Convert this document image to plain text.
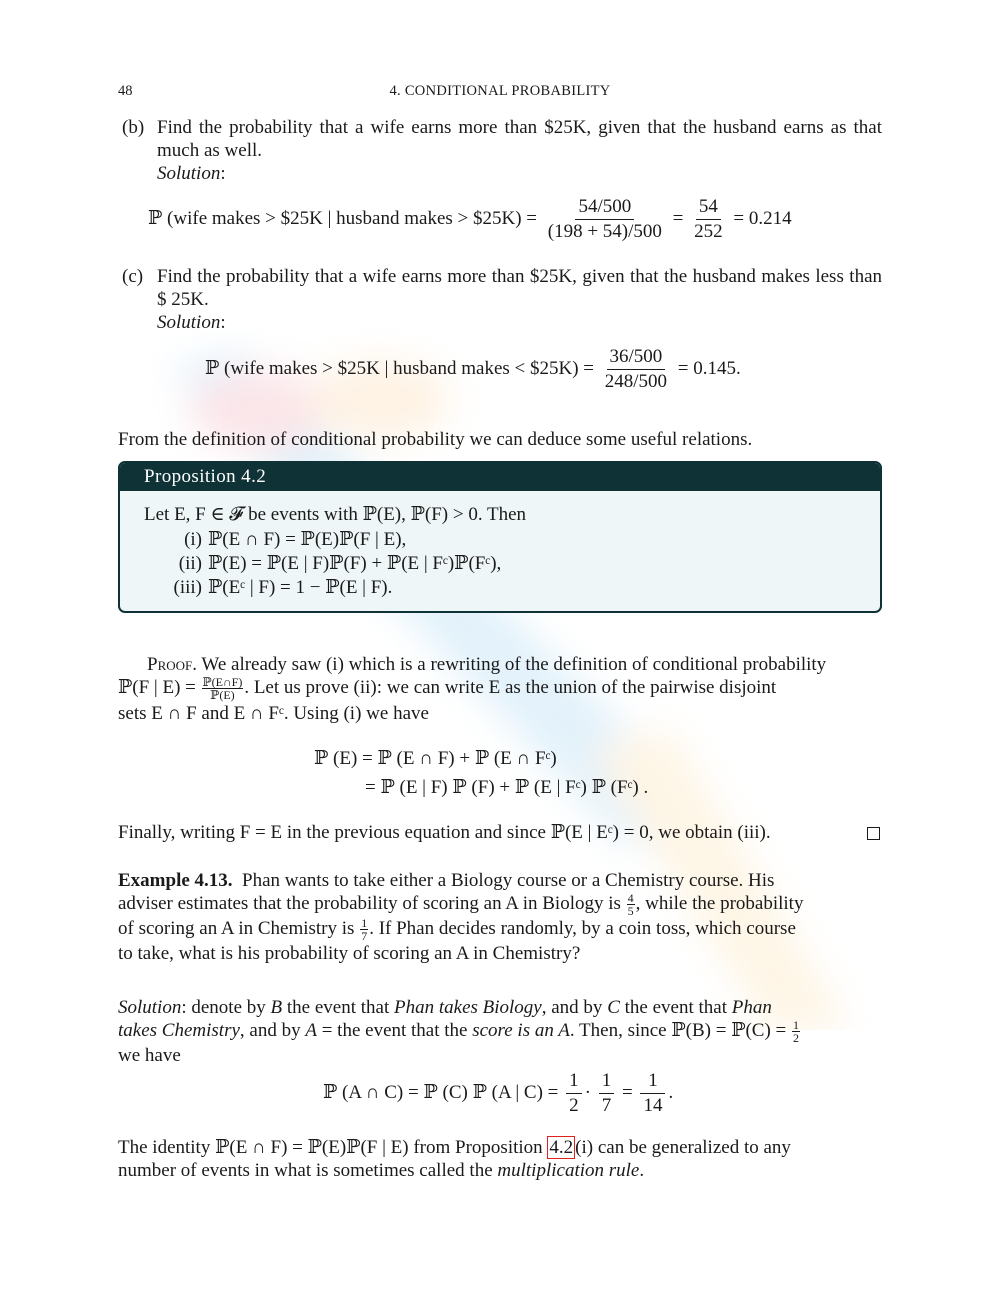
48	4. CONDITIONAL PROBABILITY
(b) Find the probability that a wife earns more than $25K, given that the husband earns as that much as well.
Solution:
ℙ (wife makes > $25K | husband makes > $25K) = $\frac{54/500}{(198 + 54)/500} = \frac{54}{252} = 0.214$
(c) Find the probability that a wife earns more than $25K, given that the husband makes less than $ 25K.
Solution:
ℙ (wife makes > $25K | husband makes < $25K) = $\frac{36/500}{248/500} = 0.145$.
From the definition of conditional probability we can deduce some useful relations.
Proposition 4.2
Let E, F ∈ 𝓕 be events with ℙ(E), ℙ(F) > 0. Then
(i) ℙ(E ∩ F) = ℙ(E)ℙ(F | E),
(ii) ℙ(E) = ℙ(E | F)ℙ(F) + ℙ(E | Fᶜ)ℙ(Fᶜ),
(iii) ℙ(Eᶜ | F) = 1 − ℙ(E | F).
Proof. We already saw (i) which is a rewriting of the definition of conditional probability
ℙ(F | $E) = \frac{\text{ℙ(E∩F)}}{\text{ℙ(E)}}$ . Let us prove (ii): we can write E as the union of the pairwise disjoint
sets E ∩ F and E ∩ Fᶜ. Using (i) we have
ℙ (E) = ℙ (E ∩ F) + ℙ (E ∩ Fᶜ)
= ℙ (E | F) ℙ (F) + ℙ (E | Fᶜ) ℙ (Fᶜ) .
Finally, writing F = E in the previous equation and since ℙ(E | Eᶜ) = 0, we obtain (iii).
Example 4.13. Phan wants to take either a Biology course or a Chemistry course. His
adviser estimates that the probability of scoring an A in Biology is $\frac{4}{5}$ , while the probability
of scoring an A in Chemistry is $\frac{1}{7}$ . If Phan decides randomly, by a coin toss, which course
to take, what is his probability of scoring an A in Chemistry?
Solution: denote by B the event that Phan takes Biology, and by C the event that Phan
takes Chemistry, and by A = the event that the score is an A. Then, since ℙ(B) = ℙ(C) = $\frac{1}{2}$
we have
ℙ (A ∩ C) = ℙ (C) ℙ (A | $C) = \frac{1}{2} \cdot \frac{1}{7} = \frac{1}{14}$ .
The identity ℙ(E ∩ F) = ℙ(E)ℙ(F | E) from Proposition 4.2 (i) can be generalized to any
number of events in what is sometimes called the multiplication rule.
